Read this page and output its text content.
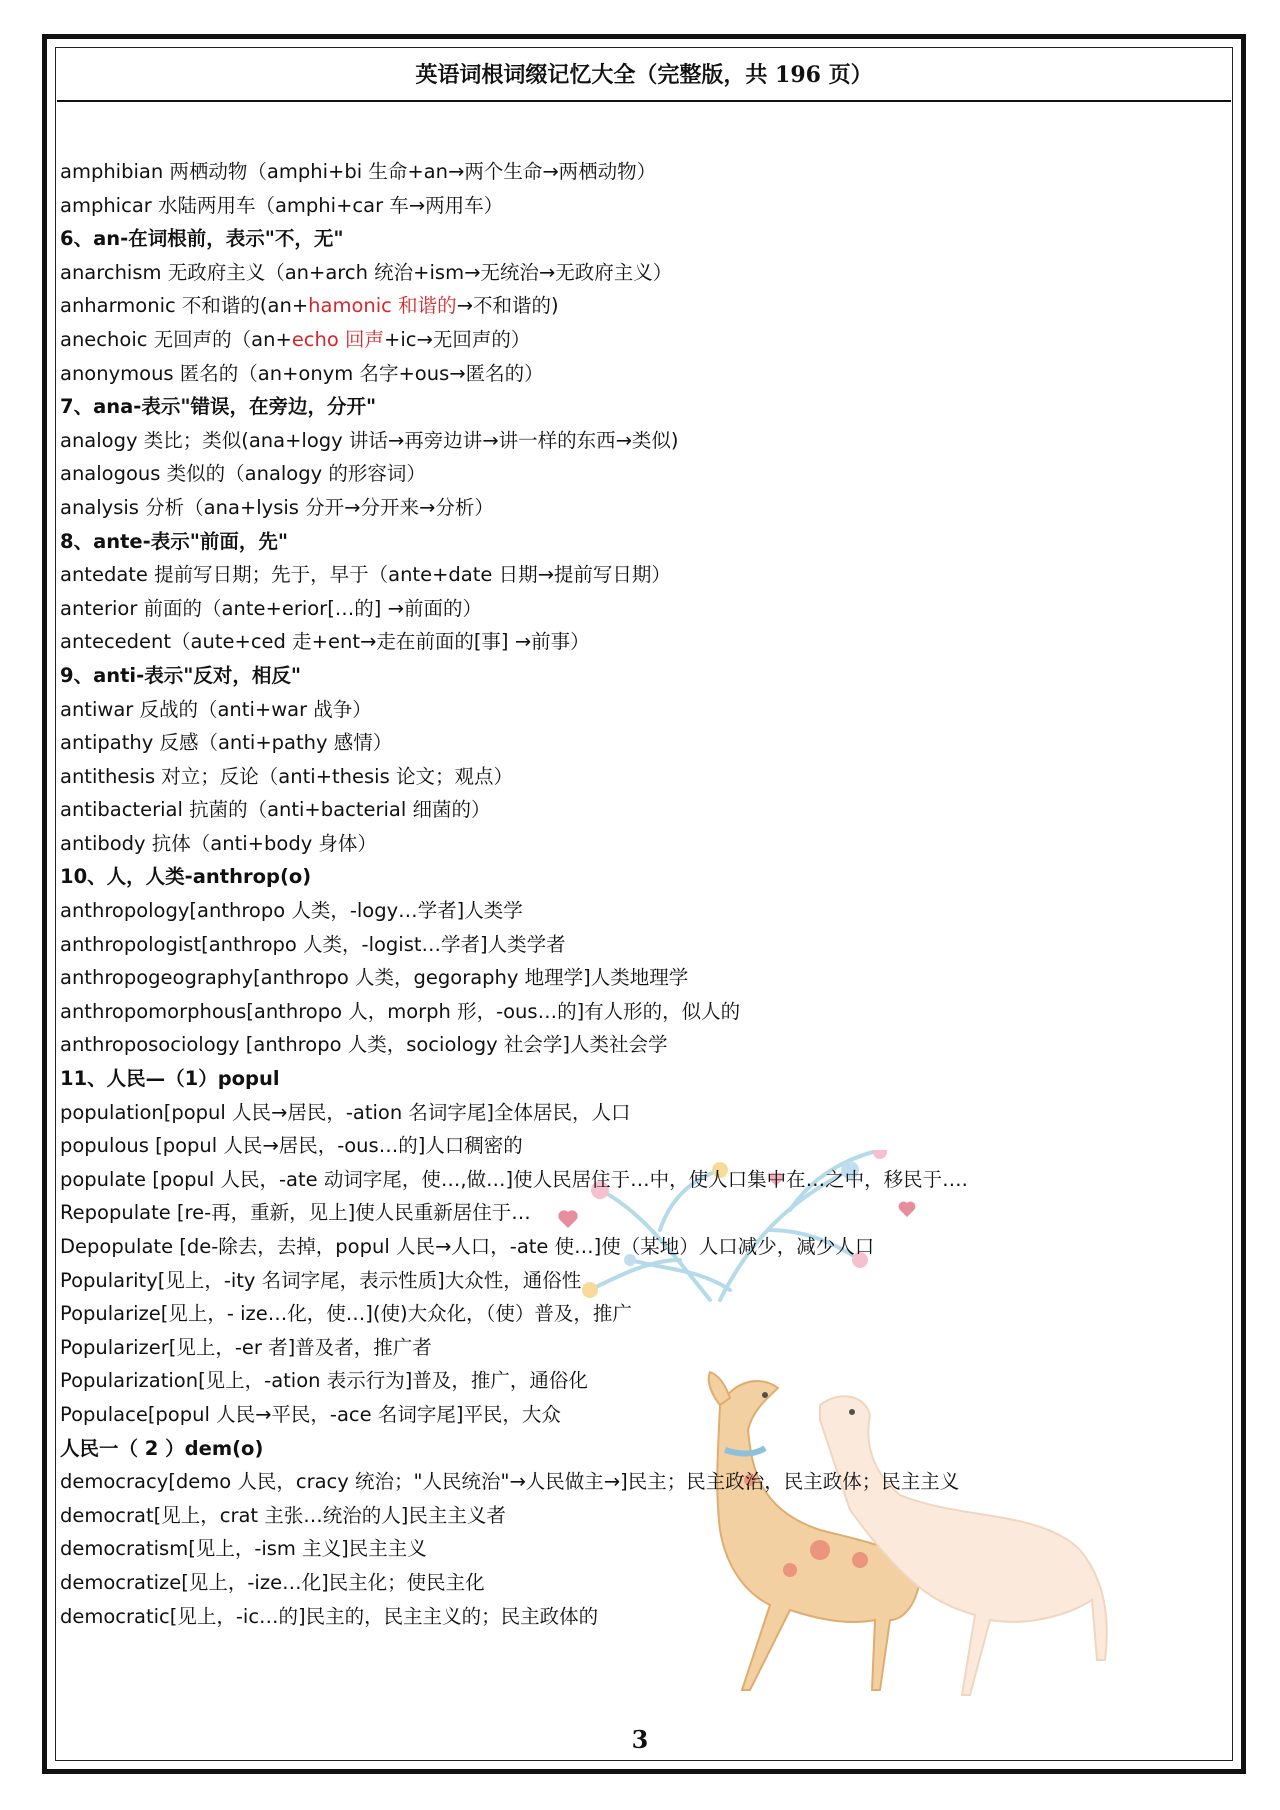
英语词根词缀记忆大全（完整版，共 196 页）
amphibian 两栖动物（amphi+bi 生命+an→两个生命→两栖动物）
amphicar 水陆两用车（amphi+car 车→两用车）
6、an-在词根前，表示"不，无"
anarchism 无政府主义（an+arch 统治+ism→无统治→无政府主义）
anharmonic 不和谐的(an+hamonic 和谐的→不和谐的)
anechoic 无回声的（an+echo 回声+ic→无回声的）
anonymous 匿名的（an+onym 名字+ous→匿名的）
7、ana-表示"错误，在旁边，分开"
analogy 类比；类似(ana+logy 讲话→再旁边讲→讲一样的东西→类似)
analogous 类似的（analogy 的形容词）
analysis 分析（ana+lysis 分开→分开来→分析）
8、ante-表示"前面，先"
antedate 提前写日期；先于，早于（ante+date 日期→提前写日期）
anterior 前面的（ante+erior[…的] →前面的）
antecedent（aute+ced 走+ent→走在前面的[事] →前事）
9、anti-表示"反对，相反"
antiwar 反战的（anti+war 战争）
antipathy 反感（anti+pathy 感情）
antithesis 对立；反论（anti+thesis 论文；观点）
antibacterial 抗菌的（anti+bacterial 细菌的）
antibody 抗体（anti+body 身体）
10、人，人类-anthrop(o)
anthropology[anthropo 人类，-logy…学者]人类学
anthropologist[anthropo 人类，-logist…学者]人类学者
anthropogeography[anthropo 人类，gegoraphy 地理学]人类地理学
anthropomorphous[anthropo 人，morph 形，-ous…的]有人形的，似人的
anthroposociology [anthropo 人类，sociology 社会学]人类社会学
11、人民—（1）popul
population[popul 人民→居民，-ation 名词字尾]全体居民，人口
populous [popul 人民→居民，-ous…的]人口稠密的
populate [popul 人民，-ate 动词字尾，使…,做…]使人民居住于…中，使人口集中在…之中，移民于….
Repopulate [re-再，重新，见上]使人民重新居住于…
Depopulate [de-除去，去掉，popul 人民→人口，-ate 使…]使（某地）人口减少，减少人口
Popularity[见上，-ity 名词字尾，表示性质]大众性，通俗性
Popularize[见上，- ize…化，使…](使)大众化，（使）普及，推广
Popularizer[见上，-er 者]普及者，推广者
Popularization[见上，-ation 表示行为]普及，推广，通俗化
Populace[popul 人民→平民，-ace 名词字尾]平民，大众
人民一（ 2 ）dem(o)
democracy[demo 人民，cracy 统治；"人民统治"→人民做主→]民主；民主政治，民主政体；民主主义
democrat[见上，crat 主张…统治的人]民主主义者
democratism[见上，-ism 主义]民主主义
democratize[见上，-ize…化]民主化；使民主化
democratic[见上，-ic…的]民主的，民主主义的；民主政体的
3
